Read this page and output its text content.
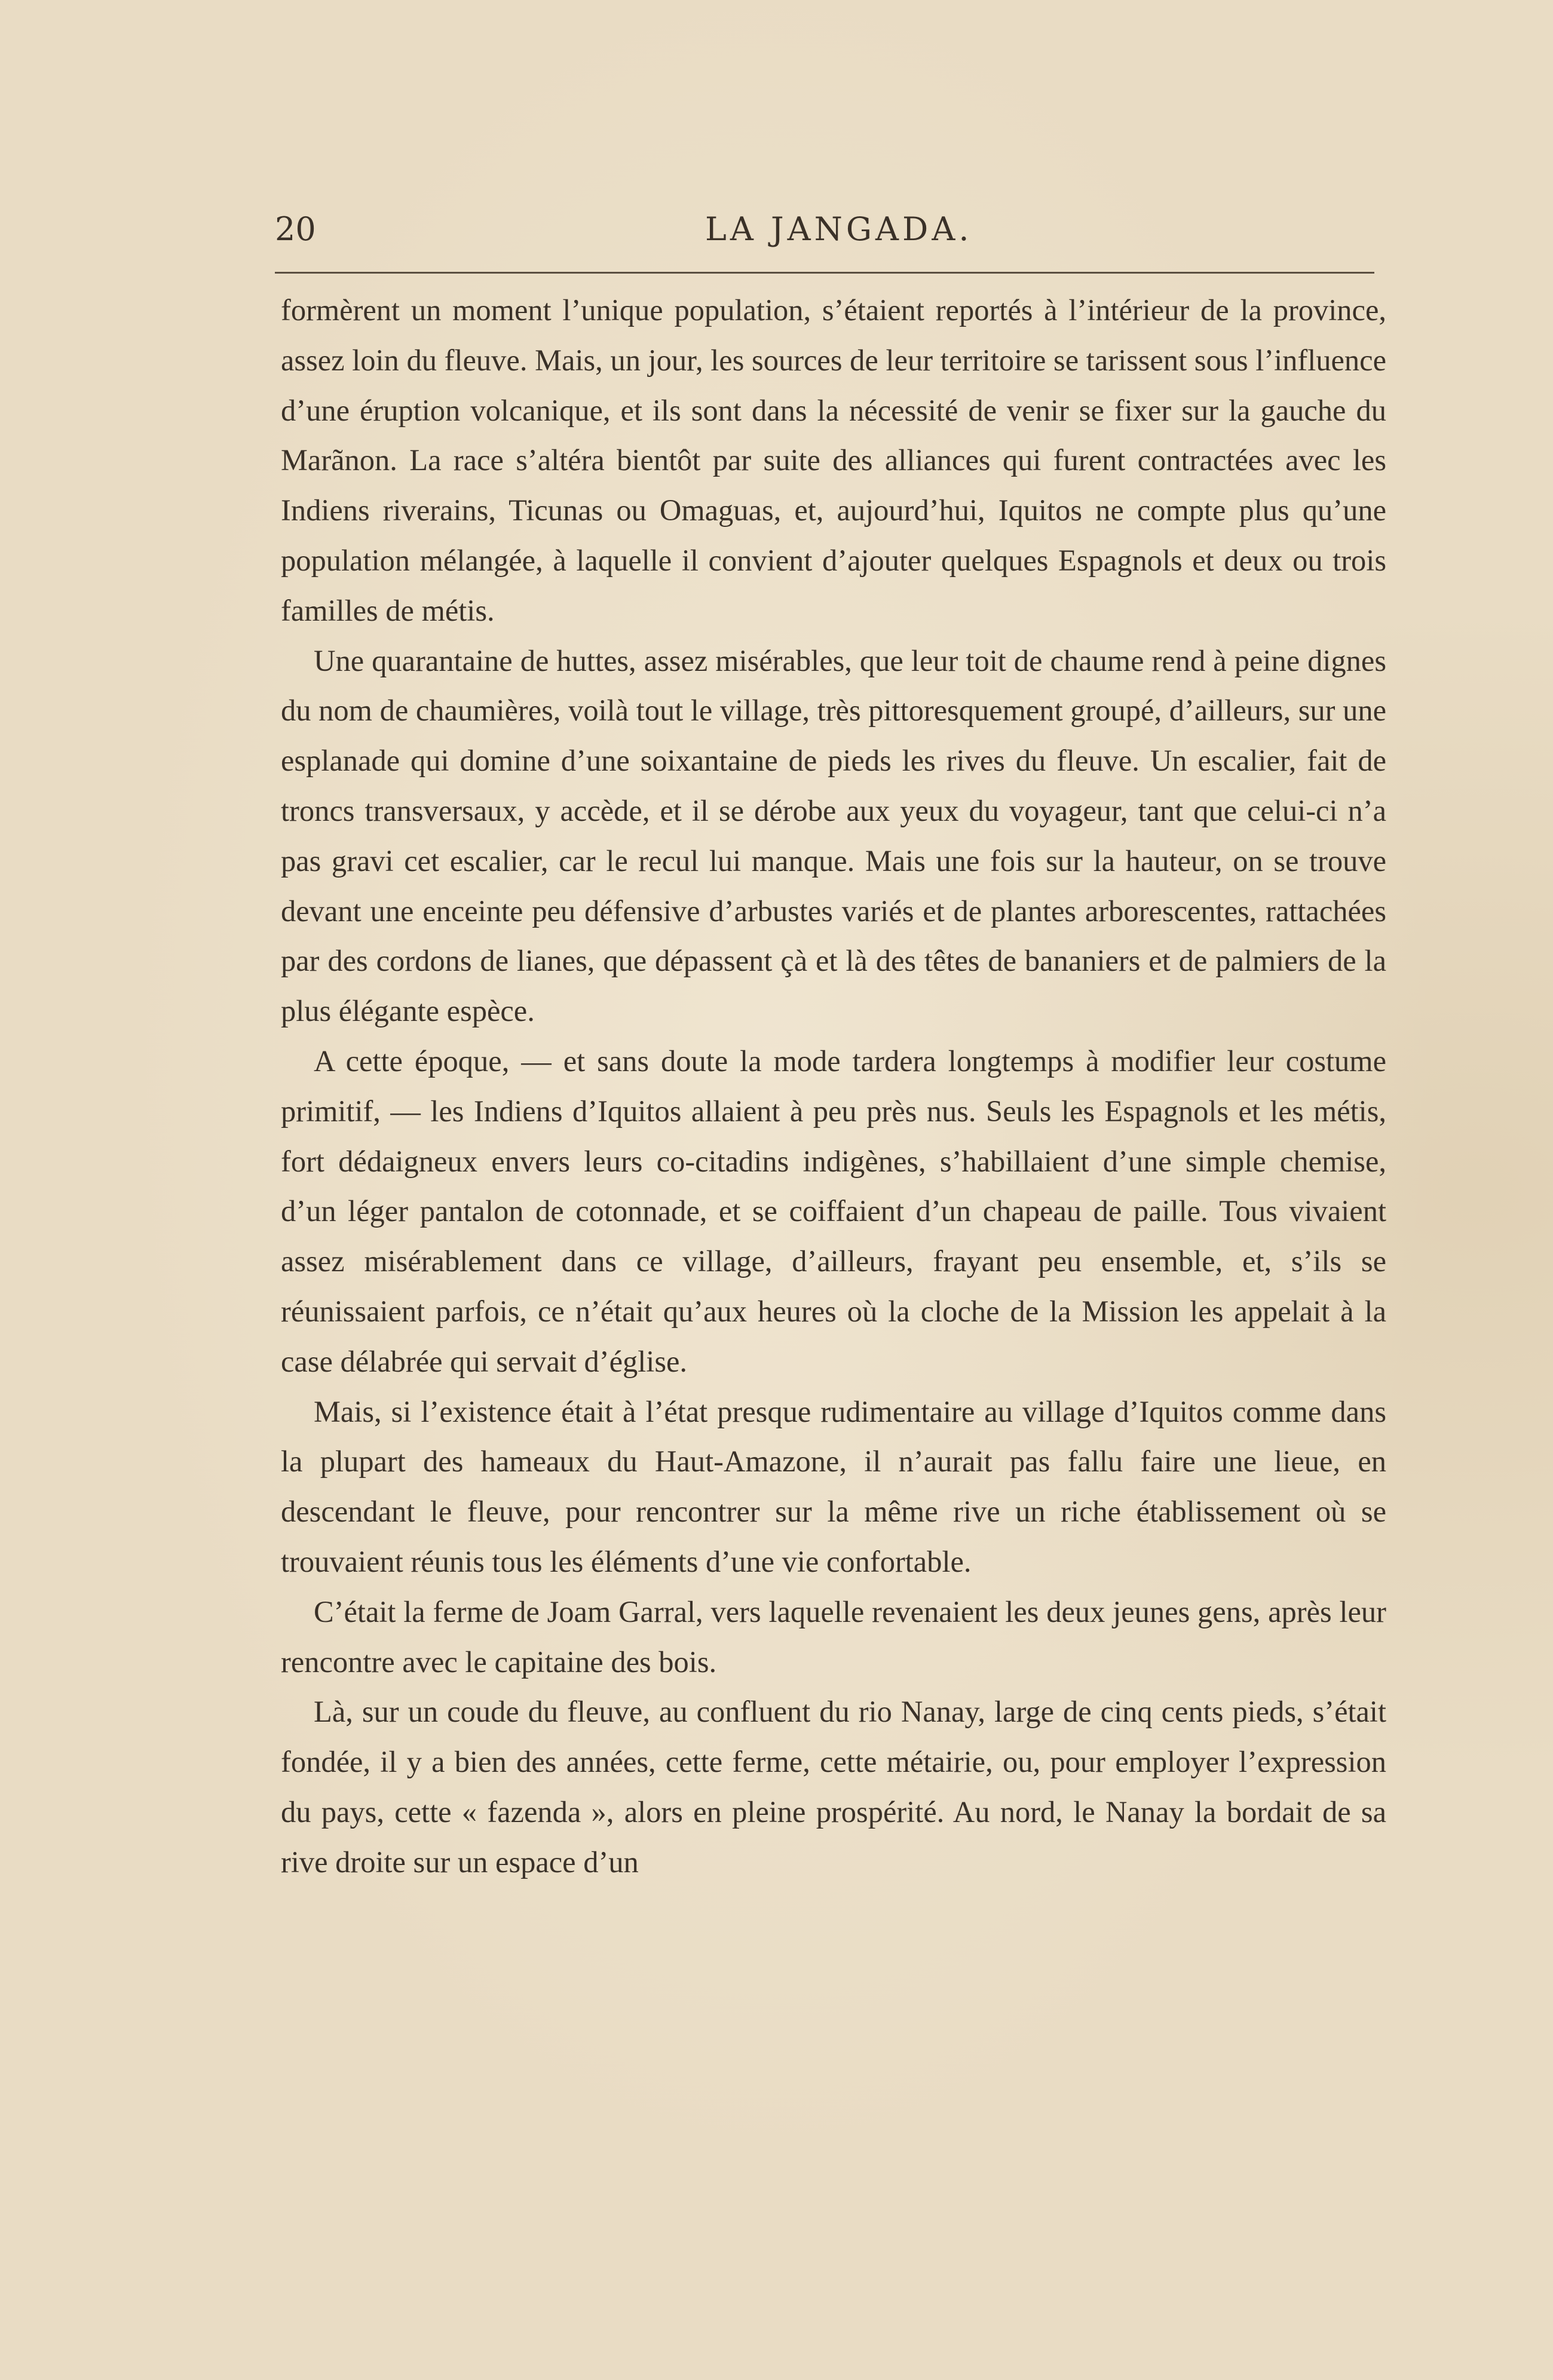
20	LA JANGADA.

formèrent un moment l’unique population, s’étaient reportés à l’intérieur de la province, assez loin du fleuve. Mais, un jour, les sources de leur territoire se tarissent sous l’influence d’une éruption volcanique, et ils sont dans la nécessité de venir se fixer sur la gauche du Marãnon. La race s’altéra bientôt par suite des alliances qui furent contractées avec les Indiens riverains, Ticunas ou Omaguas, et, aujourd’hui, Iquitos ne compte plus qu’une population mélangée, à laquelle il convient d’ajouter quelques Espagnols et deux ou trois familles de métis.

Une quarantaine de huttes, assez misérables, que leur toit de chaume rend à peine dignes du nom de chaumières, voilà tout le village, très pittoresquement groupé, d’ailleurs, sur une esplanade qui domine d’une soixantaine de pieds les rives du fleuve. Un escalier, fait de troncs transversaux, y accède, et il se dérobe aux yeux du voyageur, tant que celui-ci n’a pas gravi cet escalier, car le recul lui manque. Mais une fois sur la hauteur, on se trouve devant une enceinte peu défensive d’arbustes variés et de plantes arborescentes, rattachées par des cordons de lianes, que dépassent çà et là des têtes de bananiers et de palmiers de la plus élégante espèce.

A cette époque, — et sans doute la mode tardera longtemps à modifier leur costume primitif, — les Indiens d’Iquitos allaient à peu près nus. Seuls les Espagnols et les métis, fort dédaigneux envers leurs co-citadins indigènes, s’habillaient d’une simple chemise, d’un léger pantalon de cotonnade, et se coiffaient d’un chapeau de paille. Tous vivaient assez misérablement dans ce village, d’ailleurs, frayant peu ensemble, et, s’ils se réunissaient parfois, ce n’était qu’aux heures où la cloche de la Mission les appelait à la case délabrée qui servait d’église.

Mais, si l’existence était à l’état presque rudimentaire au village d’Iquitos comme dans la plupart des hameaux du Haut-Amazone, il n’aurait pas fallu faire une lieue, en descendant le fleuve, pour rencontrer sur la même rive un riche établissement où se trouvaient réunis tous les éléments d’une vie confortable.

C’était la ferme de Joam Garral, vers laquelle revenaient les deux jeunes gens, après leur rencontre avec le capitaine des bois.

Là, sur un coude du fleuve, au confluent du rio Nanay, large de cinq cents pieds, s’était fondée, il y a bien des années, cette ferme, cette métairie, ou, pour employer l’expression du pays, cette « fazenda », alors en pleine prospérité. Au nord, le Nanay la bordait de sa rive droite sur un espace d’un
